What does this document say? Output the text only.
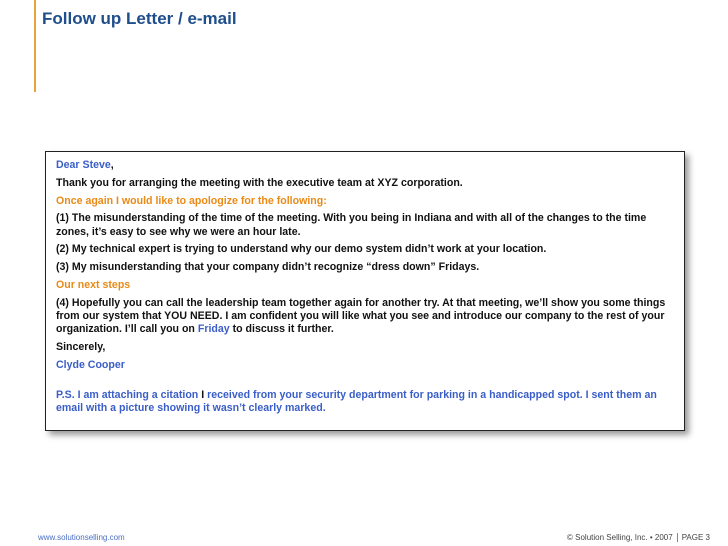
Follow up Letter / e-mail
Dear Steve,
Thank you for arranging the meeting with the executive team at XYZ corporation.
Once again I would like to apologize for the following:
(1) The misunderstanding of the time of the meeting. With you being in Indiana and with all of the changes to the time zones, it’s easy to see why we were an hour late.
(2) My technical expert is trying to understand why our demo system didn’t work at your location.
(3) My misunderstanding that your company didn’t recognize “dress down” Fridays.
Our next steps
(4) Hopefully you can call the leadership team together again for another try. At that meeting, we’ll show you some things from our system that YOU NEED. I am confident you will like what you see and introduce our company to the rest of your organization. I’ll call you on Friday to discuss it further.
Sincerely,
Clyde Cooper
P.S. I am attaching a citation I received from your security department for parking in a handicapped spot. I sent them an email with a picture showing it wasn’t clearly marked.
www.solutionselling.com	© Solution Selling, Inc. • 2007 PAGE 3
